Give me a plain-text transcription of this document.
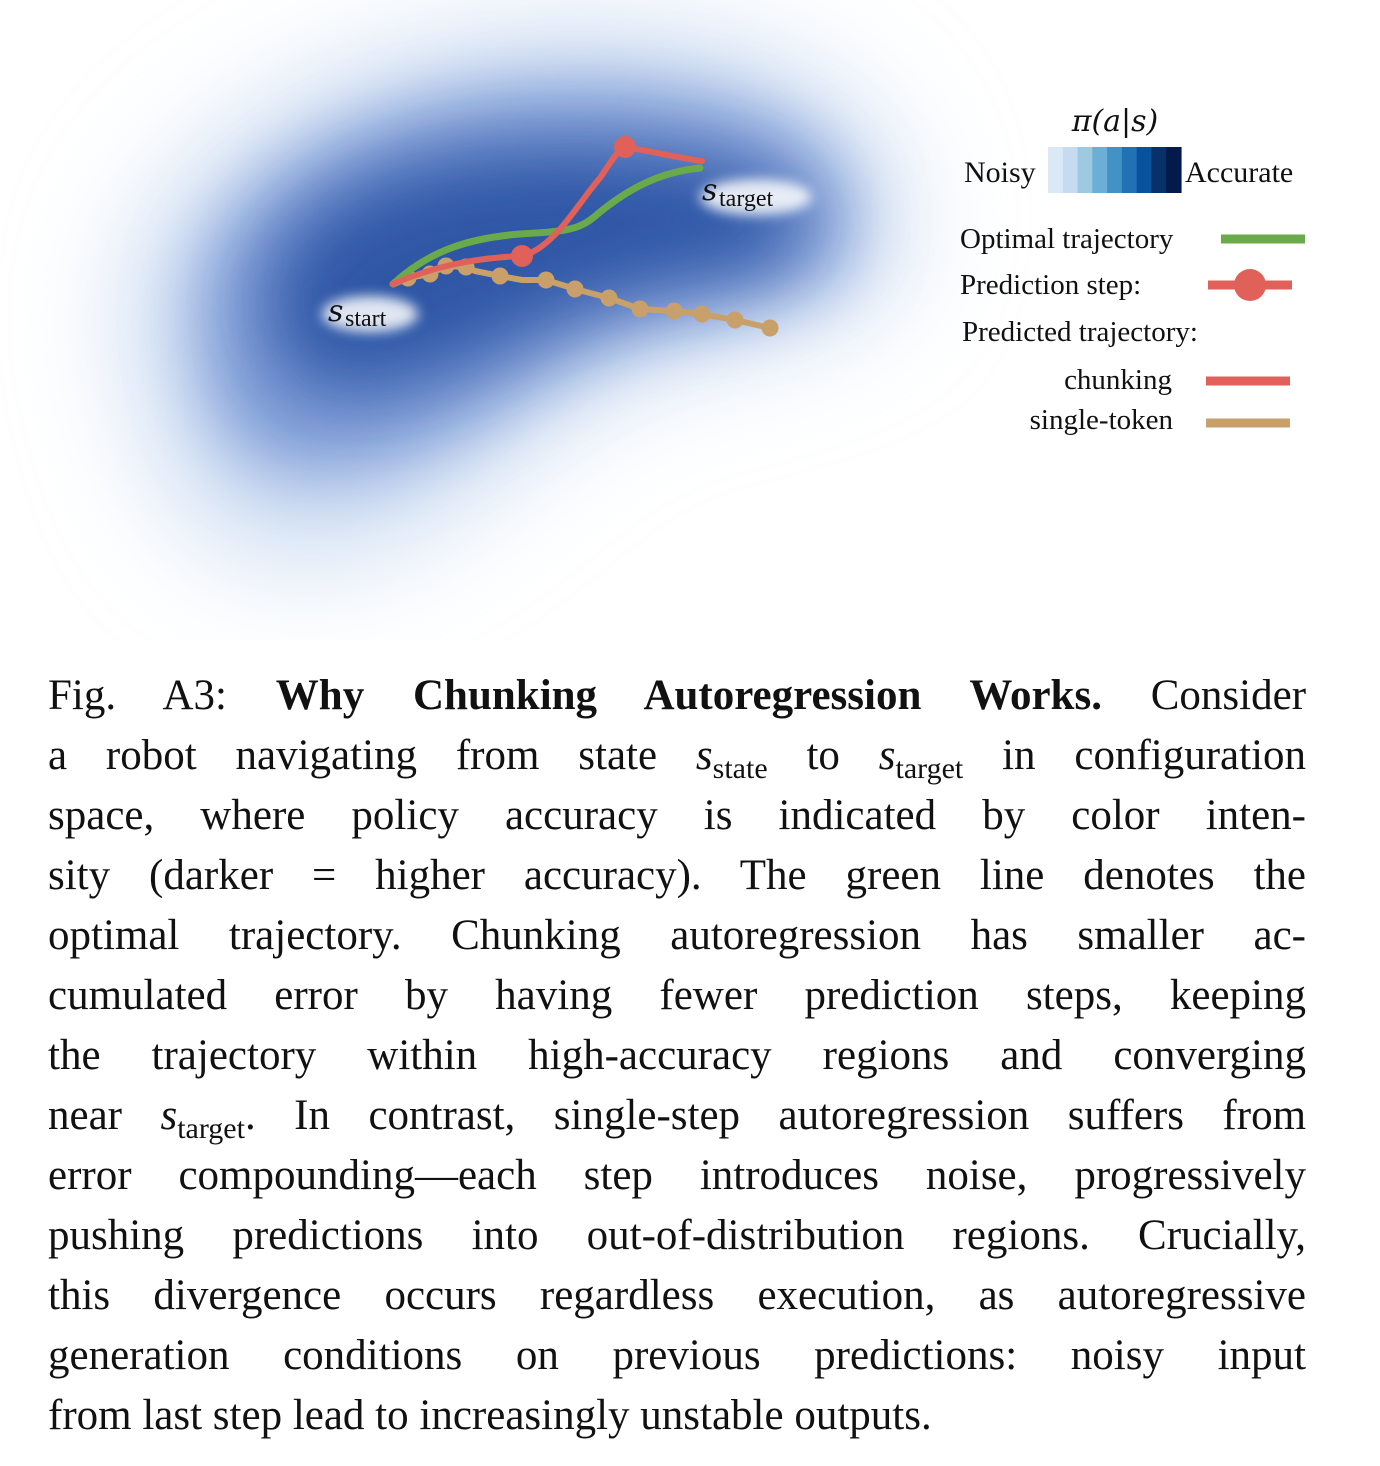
s start
s target
π(a|s)
Noisy	Accurate
Optimal trajectory
Prediction step:
Predicted trajectory:
chunking
single-token
Fig. A3: Why Chunking Autoregression Works. Consider
a robot navigating from state $s_{state}$ to $s_{target}$ in configuration
space, where policy accuracy is indicated by color inten-
sity (darker = higher accuracy). The green line denotes the
optimal trajectory. Chunking autoregression has smaller ac-
cumulated error by having fewer prediction steps, keeping
the trajectory within high-accuracy regions and converging
near $s_{target}$. In contrast, single-step autoregression suffers from
error compounding—each step introduces noise, progressively
pushing predictions into out-of-distribution regions. Crucially,
this divergence occurs regardless execution, as autoregressive
generation conditions on previous predictions: noisy input
from last step lead to increasingly unstable outputs.
